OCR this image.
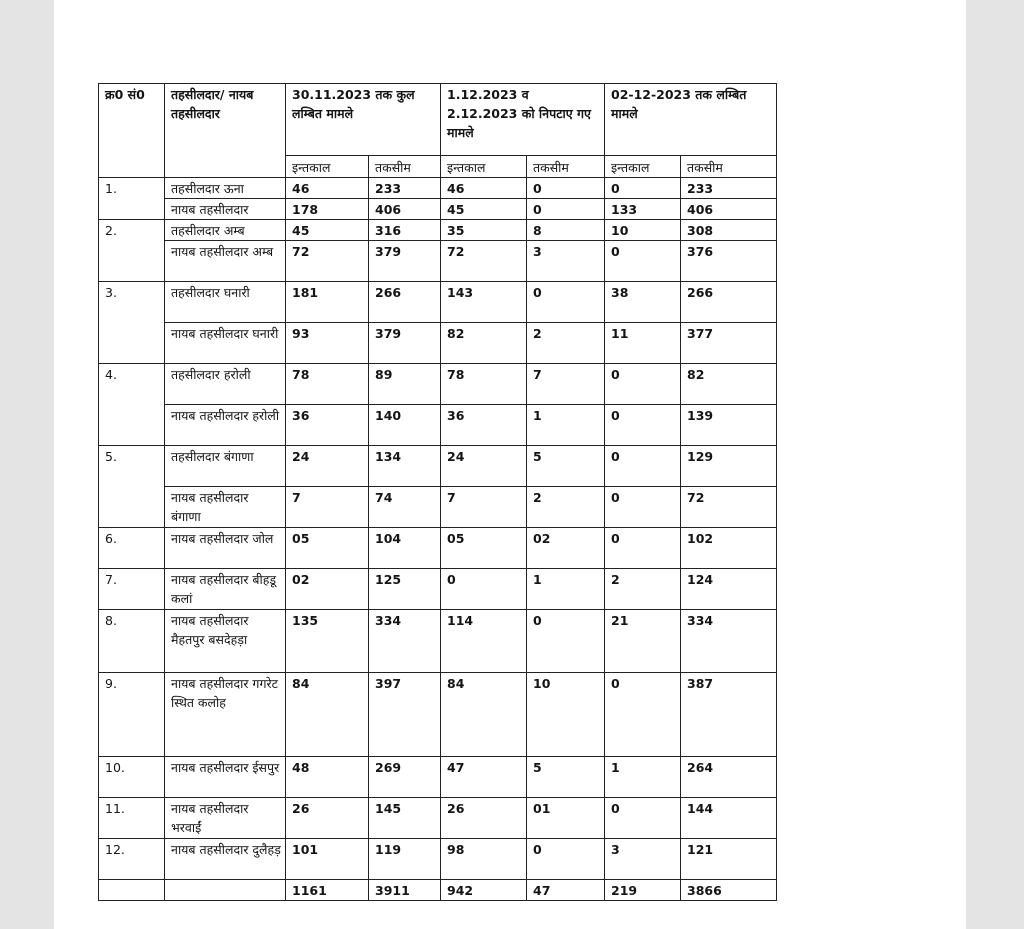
क्र0 सं0	तहसीलदार/ नायब तहसीलदार	30.11.2023 तक कुल लम्बित मामले		1.12.2023 व 2.12.2023 को निपटाए गए मामले		02-12-2023 तक लम्बित मामले	
		इन्तकाल	तकसीम	इन्तकाल	तकसीम	इन्तकाल	तकसीम
1.	तहसीलदार ऊना	46	233	46	0	0	233
	नायब तहसीलदार	178	406	45	0	133	406
2.	तहसीलदार अम्ब	45	316	35	8	10	308
	नायब तहसीलदार अम्ब	72	379	72	3	0	376
3.	तहसीलदार घनारी	181	266	143	0	38	266
	नायब तहसीलदार घनारी	93	379	82	2	11	377
4.	तहसीलदार हरोली	78	89	78	7	0	82
	नायब तहसीलदार हरोली	36	140	36	1	0	139
5.	तहसीलदार बंगाणा	24	134	24	5	0	129
	नायब तहसीलदार बंगाणा	7	74	7	2	0	72
6.	नायब तहसीलदार जोल	05	104	05	02	0	102
7.	नायब तहसीलदार बीहडू कलां	02	125	0	1	2	124
8.	नायब तहसीलदार मैहतपुर बसदेहड़ा	135	334	114	0	21	334
9.	नायब तहसीलदार गगरेट स्थित कलोह	84	397	84	10	0	387
10.	नायब तहसीलदार ईसपुर	48	269	47	5	1	264
11.	नायब तहसीलदार भरवाईं	26	145	26	01	0	144
12.	नायब तहसीलदार दुलैहड़	101	119	98	0	3	121
		1161	3911	942	47	219	3866
